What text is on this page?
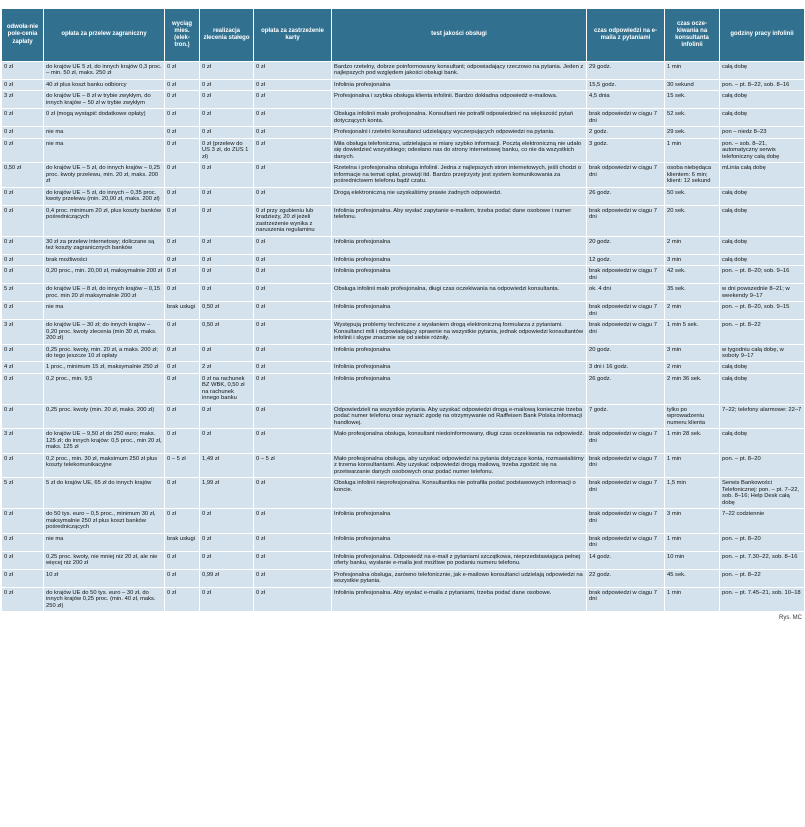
odwoła-nie pole-cenia zapłaty	opłata za przelew zagraniczny	wyciąg mies. (elek-tron.)	realizacja zlecenia stałego	opłata za zastrzeżenie karty	test jakości obsługi	czas odpowiedzi na e-maila z pytaniami	czas ocze-kiwania na konsultanta infolinii	godziny pracy infolinii
0 zł	do krajów UE 5 zł, do innych krajów 0,3 proc. – min. 50 zł, maks. 250 zł	0 zł	0 zł	0 zł	Bardzo rzetelny, dobrze poinformowany konsultant; odpowiadający rzeczowo na pytania. Jeden z najlepszych pod względem jakości obsługi bank.	29 godz.	1 min	całą dobę
0 zł	40 zł plus koszt banku odbiorcy	0 zł	0 zł	0 zł	Infolinia profesjonalna	15,5 godz.	30 sekund	pon. – pt. 8–22, sob. 8–16
3 zł	do krajów UE – 8 zł w trybie zwykłym, do innych krajów – 50 zł w trybie zwykłym	0 zł	0 zł	0 zł	Profesjonalna i szybka obsługa klienta infolinii. Bardzo dokładna odpowiedź e-mailowa.	4,5 dnia	15 sek.	całą dobę
0 zł	0 zł (mogą wystąpić dodatkowe opłaty)	0 zł	0 zł	0 zł	Obsługa infolinii mało profesjonalna. Konsultant nie potrafił odpowiedzieć na większość pytań dotyczących konta.	brak odpowiedzi w ciągu 7 dni	52 sek.	całą dobę
0 zł	nie ma	0 zł	0 zł	0 zł	Profesjonalni i rzetelni konsultanci udzielający wyczerpujących odpowiedzi na pytania.	2 godz.	29 sek.	pon – niedz 8–23
0 zł	nie ma	0 zł	0 zł (przelew do US 3 zł, do ZUS 1 zł)	0 zł	Miła obsługa telefoniczna, udzielająca w miarę szybko informacji. Pocztą elektroniczną nie udało się dowiedzieć wszystkiego; odesłano nas do strony internetowej banku, co nie da wszystkich danych.	3 godz.	1 min	pon. – sob. 8–21, automatyczny serwis telefoniczny całą dobę
0,50 zł	do krajów UE – 5 zł, do innych krajów – 0,25 proc. kwoty przelewu, min. 20 zł, maks. 200 zł	0 zł	0 zł	0 zł	Rzetelna i profesjonalna obsługa infolinii. Jedna z najlepszych stron internetowych, jeśli chodzi o informacje na temat opłat, prowizji itd. Bardzo przejrzysty jest system komunikowania za pośrednictwem telefonu bądź czatu.	brak odpowiedzi w ciągu 7 dni	osoba niebędąca klientem: 6 min; klient: 12 sekund	mLinia całą dobę
0 zł	do krajów UE – 5 zł, do innych – 0,35 proc. kwoty przelewu (min. 20,00 zł, maks. 200 zł)	0 zł	0 zł	0 zł	Drogą elektroniczną nie uzyskaliśmy prawie żadnych odpowiedzi.	26 godz.	50 sek.	całą dobę
0 zł	0,4 proc. minimum 20 zł, plus koszty banków pośredniczących	0 zł	0 zł	0 zł przy zgubieniu lub kradzieży, 20 zł jeżeli zastrzeżenie wynika z naruszenia regulaminu	Infolinia profesjonalna. Aby wysłać zapytanie e-mailem, trzeba podać dane osobowe i numer telefonu.	brak odpowiedzi w ciągu 7 dni	20 sek.	całą dobę
0 zł	30 zł za przelew internetowy; doliczane są też koszty zagranicznych banków	0 zł	0 zł	0 zł	Infolinia profesjonalna	20 godz.	2 min	całą dobę
0 zł	brak możliwości	0 zł	0 zł	0 zł	Infolinia profesjonalna	12 godz.	3 min	całą dobę
0 zł	0,20 proc., min. 20,00 zł, maksymalnie 200 zł	0 zł	0 zł	0 zł	Infolinia profesjonalna	brak odpowiedzi w ciągu 7 dni	42 sek.	pon. – pt. 8–20; sob. 9–16
5 zł	do krajów UE – 8 zł, do innych krajów – 0,15 proc. min 20 zł maksymalnie 200 zł	0 zł	0 zł	0 zł	Obsługa infolinii mało profesjonalna, długi czas oczekiwania na odpowiedzi konsultanta.	ok. 4 dni	35 sek.	w dni powszednie 8–21; w weekendy 9–17
0 zł	nie ma	brak usługi	0,50 zł	0 zł	Infolinia profesjonalna	brak odpowiedzi w ciągu 7 dni	2 min	pon. – pt. 8–20, sob. 9–15
3 zł	do krajów UE – 30 zł; do innych krajów – 0,20 proc. kwoty zlecenia (min 30 zł, maks. 200 zł)	0 zł	0,50 zł	0 zł	Występują problemy techniczne z wysłaniem drogą elektroniczną formularza z pytaniami. Konsultanci mili i odpowiadający sprawnie na wszystkie pytania, jednak odpowiedzi konsultantów infolinii i skype znacznie się od siebie różniły.	brak odpowiedzi w ciągu 7 dni	1 min 5 sek.	pon. – pt. 8–22
0 zł	0,25 proc. kwoty, min. 20 zł, a maks. 200 zł; do tego jeszcze 10 zł opłaty	0 zł	0 zł	0 zł	Infolinia profesjonalna	20 godz.	3 min	w tygodniu całą dobę, w soboty 9–17
4 zł	1 proc., minimum 15 zł, maksymalnie 250 zł	0 zł	2 zł	0 zł	Infolinia profesjonalna	3 dni i 16 godz.	2 min	całą dobę
0 zł	0,2 proc., min. 9,5	0 zł	0 zł na rachunek BZ WBK, 0,50 zł na rachunek innego banku	0 zł	Infolinia profesjonalna	26 godz.	2 min 36 sek.	całą dobę
0 zł	0,25 proc. kwoty (min. 20 zł, maks. 200 zł)	0 zł	0 zł	0 zł	Odpowiedzieli na wszystkie pytania. Aby uzyskać odpowiedzi drogą e-mailową koniecznie trzeba podać numer telefonu oraz wyrazić zgodę na otrzymywanie od Raiffeisen Bank Polska informacji handlowej.	7 godz.	tylko po wprowadzeniu numeru klienta	7–22; telefony alarmowe: 22–7
3 zł	do krajów UE – 9,50 zł do 250 euro; maks. 125 zł; do innych krajów: 0,5 proc., min 20 zł, maks. 125 zł	0 zł	0 zł	0 zł	Mało profesjonalna obsługa, konsultant niedoinformowany, długi czas oczekiwania na odpowiedź.	brak odpowiedzi w ciągu 7 dni	1 min 28 sek.	całą dobę
0 zł	0,2 proc., min. 30 zł, maksimum 250 zł plus koszty telekomunikacyjne	0 – 5 zł	1,49 zł	0 – 5 zł	Mało profesjonalna obsługa, aby uzyskać odpowiedzi na pytania dotyczące konta, rozmawialiśmy z trzema konsultantami. Aby uzyskać odpowiedzi drogą mailową, trzeba zgodzić się na przetwarzanie danych osobowych oraz podać numer telefonu.	brak odpowiedzi w ciągu 7 dni	1 min	pon. – pt. 8–20
5 zł	5 zł do krajów UE, 65 zł do innych krajów	0 zł	1,99 zł	0 zł	Obsługa infolinii nieprofesjonalna. Konsultantka nie potrafiła podać podstawowych informacji o koncie.	brak odpowiedzi w ciągu 7 dni	1,5 min	Serwis Bankowości Telefonicznej: pon. – pt. 7–22, sob. 8–16; Help Desk całą dobę
0 zł	do 50 tys. euro – 0,5 proc., minimum 30 zł, maksymalnie 250 zł plus koszt banków pośredniczących	0 zł	0 zł	0 zł	Infolinia profesjonalna	brak odpowiedzi w ciągu 7 dni	3 min	7–22 codziennie
0 zł	nie ma	brak usługi	0 zł	0 zł	Infolinia profesjonalna	brak odpowiedzi w ciągu 7 dni	1 min	pon. – pt. 8–20
0 zł	0,25 proc. kwoty, nie mniej niż 20 zł, ale nie więcej niż 200 zł	0 zł	0 zł	0 zł	Infolinia profesjonalna. Odpowiedź na e-mail z pytaniami szczątkowa, nieprzedstawiająca pełnej oferty banku, wysłanie e-maila jest możliwe po podaniu numeru telefonu.	14 godz.	10 min	pon. – pt. 7.30–22, sob. 8–16
0 zł	10 zł	0 zł	0,99 zł	0 zł	Profesjonalna obsługa, zarówno telefonicznie, jak e-mailowo konsultanci udzielają odpowiedzi na wszystkie pytania.	22 godz.	45 sek.	pon. – pt. 8–22
0 zł	do krajów UE do 50 tys. euro – 30 zł, do innych krajów 0,25 proc. (min. 40 zł, maks. 250 zł)	0 zł	0 zł	0 zł	Infolinia profesjonalna. Aby wysłać e-maila z pytaniami, trzeba podać dane osobowe.	brak odpowiedzi w ciągu 7 dni	1 min	pon. – pt. 7.45–21, sob. 10–18
Rys. MC
